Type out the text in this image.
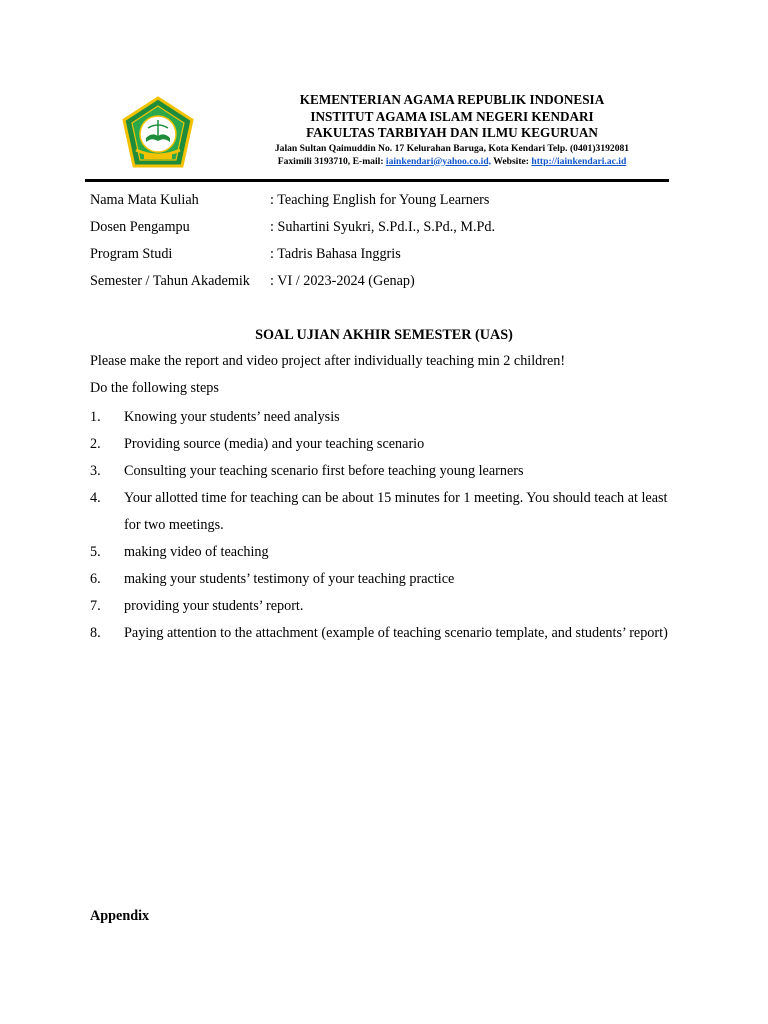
KEMENTERIAN AGAMA REPUBLIK INDONESIA
INSTITUT AGAMA ISLAM NEGERI KENDARI
FAKULTAS TARBIYAH DAN ILMU KEGURUAN
Jalan Sultan Qaimuddin No. 17 Kelurahan Baruga, Kota Kendari Telp. (0401)3192081
Faximili 3193710, E-mail: iainkendari@yahoo.co.id, Website: http://iainkendari.ac.id
Nama Mata Kuliah	: Teaching English for Young Learners
Dosen Pengampu	: Suhartini Syukri, S.Pd.I., S.Pd., M.Pd.
Program Studi	: Tadris Bahasa Inggris
Semester / Tahun Akademik : VI / 2023-2024 (Genap)
SOAL UJIAN AKHIR SEMESTER (UAS)
Please make the report and video project after individually teaching min 2 children!
Do the following steps
1.	Knowing your students’ need analysis
2.	Providing source (media) and your teaching scenario
3.	Consulting your teaching scenario first before teaching young learners
4.	Your allotted time for teaching can be about 15 minutes for 1 meeting. You should teach at least for two meetings.
5.	making video of teaching
6.	making your students’ testimony of your teaching practice
7.	providing your students’ report.
8.	Paying attention to the attachment (example of teaching scenario template, and students’ report)
Appendix
